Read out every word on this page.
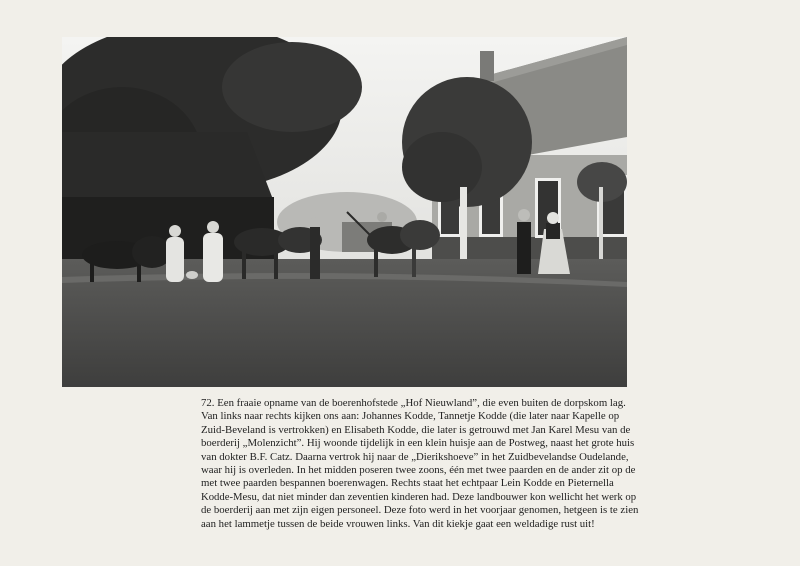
72. Een fraaie opname van de boerenhofstede „Hof Nieuwland”, die even buiten de dorpskom lag.
Van links naar rechts kijken ons aan: Johannes Kodde, Tannetje Kodde (die later naar Kapelle op
Zuid-Beveland is vertrokken) en Elisabeth Kodde, die later is getrouwd met Jan Karel Mesu van de
boerderij „Molenzicht”. Hij woonde tijdelijk in een klein huisje aan de Postweg, naast het grote huis
van dokter B.F. Catz. Daarna vertrok hij naar de „Dierikshoeve” in het Zuidbevelandse Oudelande,
waar hij is overleden. In het midden poseren twee zoons, één met twee paarden en de ander zit op de
met twee paarden bespannen boerenwagen. Rechts staat het echtpaar Lein Kodde en Pieternella
Kodde-Mesu, dat niet minder dan zeventien kinderen had. Deze landbouwer kon wellicht het werk op
de boerderij aan met zijn eigen personeel. Deze foto werd in het voorjaar genomen, hetgeen is te zien
aan het lammetje tussen de beide vrouwen links. Van dit kiekje gaat een weldadige rust uit!
